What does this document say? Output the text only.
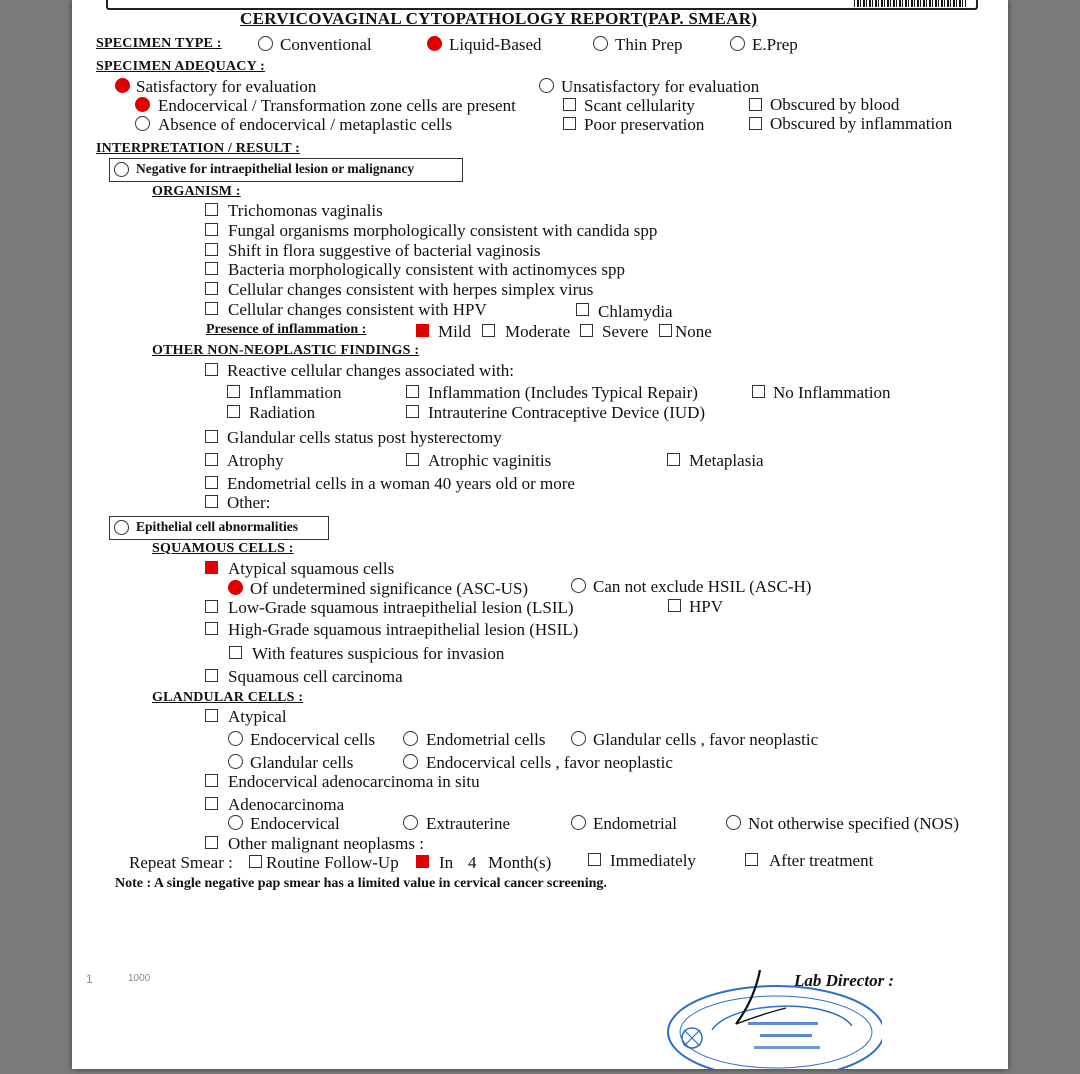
CERVICOVAGINAL CYTOPATHOLOGY REPORT(PAP. SMEAR)
SPECIMEN TYPE :	Conventional	Liquid-Based	Thin Prep	E.Prep
SPECIMEN ADEQUACY :
Satisfactory for evaluation	Unsatisfactory for evaluation
Endocervical / Transformation zone cells are present	Scant cellularity	Obscured by blood
Absence of endocervical / metaplastic cells	Poor preservation	Obscured by inflammation
INTERPRETATION / RESULT :
Negative for intraepithelial lesion or malignancy
ORGANISM :
Trichomonas vaginalis
Fungal organisms morphologically consistent with candida spp
Shift in flora suggestive of bacterial vaginosis
Bacteria morphologically consistent with actinomyces spp
Cellular changes consistent with herpes simplex virus
Cellular changes consistent with HPV	Chlamydia
Presence of inflammation :	Mild Moderate Severe None
OTHER NON-NEOPLASTIC FINDINGS :
Reactive cellular changes associated with:
Inflammation	Inflammation (Includes Typical Repair)	No Inflammation
Radiation	Intrauterine Contraceptive Device (IUD)
Glandular cells status post hysterectomy
Atrophy	Atrophic vaginitis	Metaplasia
Endometrial cells in a woman 40 years old or more
Other:
Epithelial cell abnormalities
SQUAMOUS CELLS :
Atypical squamous cells
Of undetermined significance (ASC-US)	Can not exclude HSIL (ASC-H)
Low-Grade squamous intraepithelial lesion (LSIL)	HPV
High-Grade squamous intraepithelial lesion (HSIL)
With features suspicious for invasion
Squamous cell carcinoma
GLANDULAR CELLS :
Atypical
Endocervical cells	Endometrial cells	Glandular cells , favor neoplastic
Glandular cells	Endocervical cells , favor neoplastic
Endocervical adenocarcinoma in situ
Adenocarcinoma
Endocervical	Extrauterine	Endometrial	Not otherwise specified (NOS)
Other malignant neoplasms :
Repeat Smear : Routine Follow-Up In 4 Month(s)	Immediately	After treatment
Note : A single negative pap smear has a limited value in cervical cancer screening.
1	1000	Lab Director :
